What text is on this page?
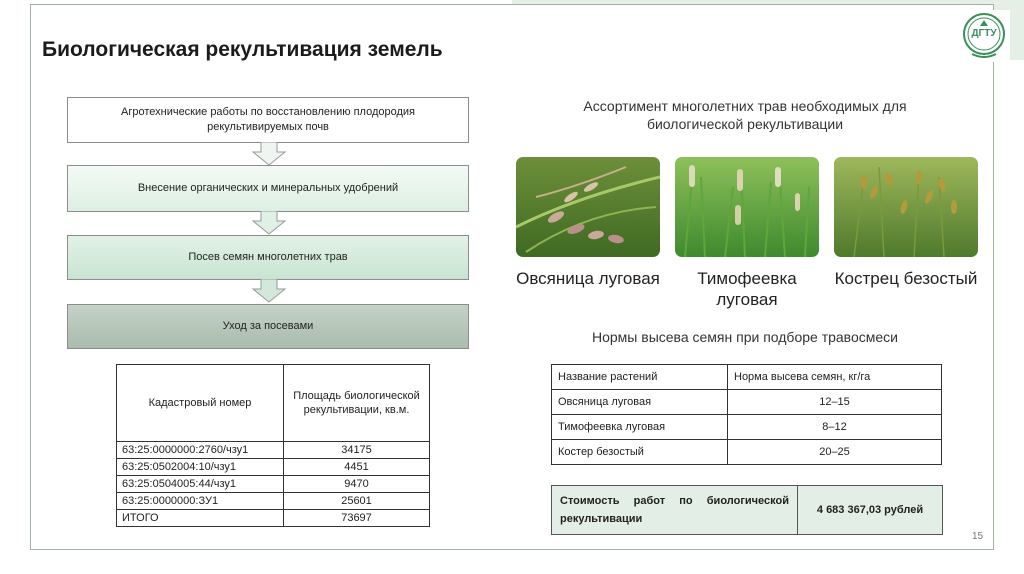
ДГТУ
Биологическая рекультивация земель
Агротехнические работы по восстановлению плодородия рекультивируемых почв
Внесение органических и минеральных удобрений
Посев семян многолетних трав
Уход за посевами
Кадастровый номер	Площадь биологической рекультивации, кв.м.
63:25:0000000:2760/чзу1	34175
63:25:0502004:10/чзу1	4451
63:25:0504005:44/чзу1	9470
63:25:0000000:ЗУ1	25601
ИТОГО	73697
Ассортимент многолетних трав необходимых для биологической рекультивации
Овсяница луговая	Тимофеевка луговая
Кострец безостый
Нормы высева семян при подборе травосмеси
Название растений	Норма высева семян, кг/га
Овсяница луговая	12–15
Тимофеевка луговая	8–12
Костер безостый	20–25
Стоимость работ по биологической рекультивации
4 683 367,03 рублей
15
